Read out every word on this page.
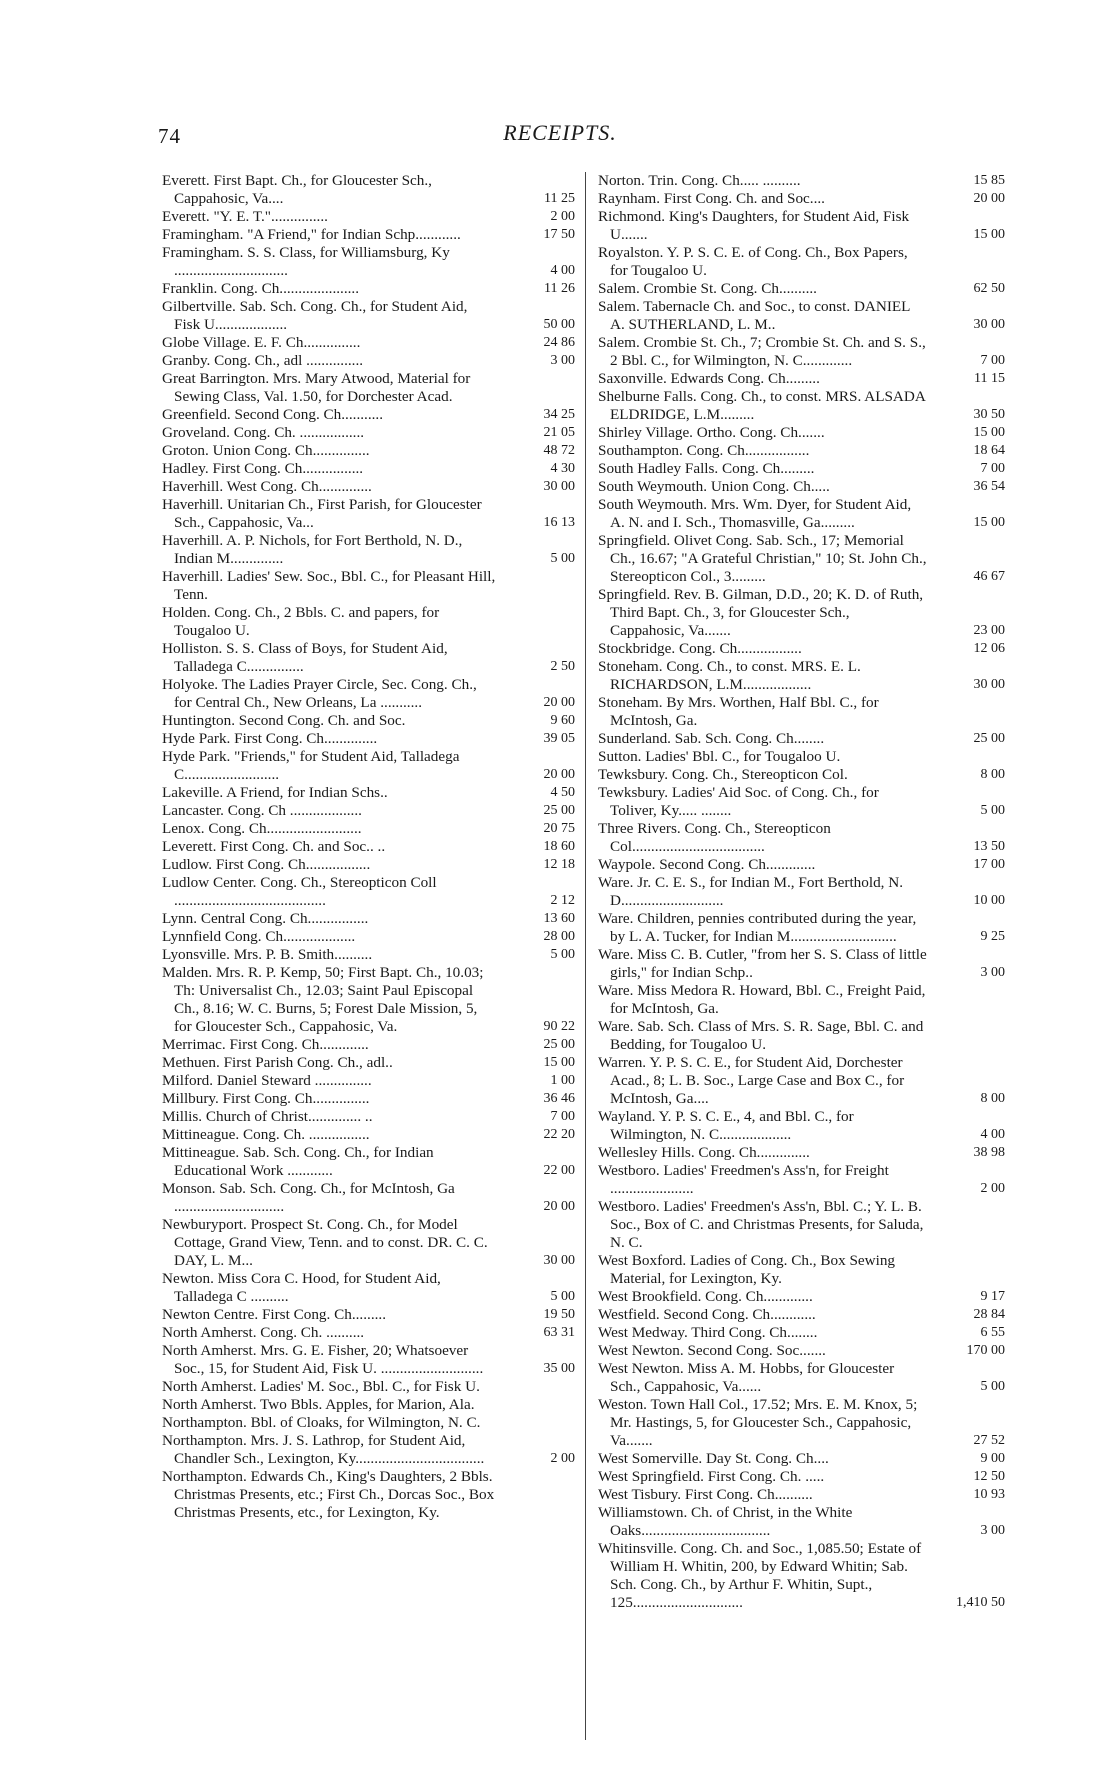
74	RECEIPTS.
Everett. First Bapt. Ch., for Gloucester Sch., Cappahosic, Va....	11 25
Everett. "Y. E. T."...............	2 00
Framingham. "A Friend," for Indian Schp............	17 50
Framingham. S. S. Class, for Williamsburg, Ky ..............................	4 00
Franklin. Cong. Ch.....................	11 26
Gilbertville. Sab. Sch. Cong. Ch., for Student Aid, Fisk U...................	50 00
Globe Village. E. F. Ch...............	24 86
Granby. Cong. Ch., adl ...............	3 00
Great Barrington. Mrs. Mary Atwood, Material for Sewing Class, Val. 1.50, for Dorchester Acad.
Greenfield. Second Cong. Ch...........	34 25
Groveland. Cong. Ch. .................	21 05
Groton. Union Cong. Ch...............	48 72
Hadley. First Cong. Ch................	4 30
Haverhill. West Cong. Ch..............	30 00
Haverhill. Unitarian Ch., First Parish, for Gloucester Sch., Cappahosic, Va...	16 13
Haverhill. A. P. Nichols, for Fort Berthold, N. D., Indian M..............	5 00
Haverhill. Ladies' Sew. Soc., Bbl. C., for Pleasant Hill, Tenn.
Holden. Cong. Ch., 2 Bbls. C. and papers, for Tougaloo U.
Holliston. S. S. Class of Boys, for Student Aid, Talladega C...............	2 50
Holyoke. The Ladies Prayer Circle, Sec. Cong. Ch., for Central Ch., New Orleans, La ...........	20 00
Huntington. Second Cong. Ch. and Soc.	9 60
Hyde Park. First Cong. Ch..............	39 05
Hyde Park. "Friends," for Student Aid, Talladega C.........................	20 00
Lakeville. A Friend, for Indian Schs..	4 50
Lancaster. Cong. Ch ...................	25 00
Lenox. Cong. Ch.........................	20 75
Leverett. First Cong. Ch. and Soc.. ..	18 60
Ludlow. First Cong. Ch.................	12 18
Ludlow Center. Cong. Ch., Stereopticon Coll ........................................	2 12
Lynn. Central Cong. Ch................	13 60
Lynnfield Cong. Ch...................	28 00
Lyonsville. Mrs. P. B. Smith..........	5 00
Malden. Mrs. R. P. Kemp, 50; First Bapt. Ch., 10.03; Th: Universalist Ch., 12.03; Saint Paul Episcopal Ch., 8.16; W. C. Burns, 5; Forest Dale Mission, 5, for Gloucester Sch., Cappahosic, Va.	90 22
Merrimac. First Cong. Ch.............	25 00
Methuen. First Parish Cong. Ch., adl..	15 00
Milford. Daniel Steward ...............	1 00
Millbury. First Cong. Ch...............	36 46
Millis. Church of Christ.............. ..	7 00
Mittineague. Cong. Ch. ................	22 20
Mittineague. Sab. Sch. Cong. Ch., for Indian Educational Work ............	22 00
Monson. Sab. Sch. Cong. Ch., for McIntosh, Ga .............................	20 00
Newburyport. Prospect St. Cong. Ch., for Model Cottage, Grand View, Tenn. and to const. DR. C. C. DAY, L. M...	30 00
Newton. Miss Cora C. Hood, for Student Aid, Talladega C ..........	5 00
Newton Centre. First Cong. Ch.........	19 50
North Amherst. Cong. Ch. ..........	63 31
North Amherst. Mrs. G. E. Fisher, 20; Whatsoever Soc., 15, for Student Aid, Fisk U. ...........................	35 00
North Amherst. Ladies' M. Soc., Bbl. C., for Fisk U.
North Amherst. Two Bbls. Apples, for Marion, Ala.
Northampton. Bbl. of Cloaks, for Wilmington, N. C.
Northampton. Mrs. J. S. Lathrop, for Student Aid, Chandler Sch., Lexington, Ky..................................	2 00
Northampton. Edwards Ch., King's Daughters, 2 Bbls. Christmas Presents, etc.; First Ch., Dorcas Soc., Box Christmas Presents, etc., for Lexington, Ky.
Norton. Trin. Cong. Ch..... ..........	15 85
Raynham. First Cong. Ch. and Soc....	20 00
Richmond. King's Daughters, for Student Aid, Fisk U.......	15 00
Royalston. Y. P. S. C. E. of Cong. Ch., Box Papers, for Tougaloo U.
Salem. Crombie St. Cong. Ch..........	62 50
Salem. Tabernacle Ch. and Soc., to const. DANIEL A. SUTHERLAND, L. M..	30 00
Salem. Crombie St. Ch., 7; Crombie St. Ch. and S. S., 2 Bbl. C., for Wilmington, N. C.............	7 00
Saxonville. Edwards Cong. Ch.........	11 15
Shelburne Falls. Cong. Ch., to const. MRS. ALSADA ELDRIDGE, L.M.........	30 50
Shirley Village. Ortho. Cong. Ch.......	15 00
Southampton. Cong. Ch.................	18 64
South Hadley Falls. Cong. Ch.........	7 00
South Weymouth. Union Cong. Ch.....	36 54
South Weymouth. Mrs. Wm. Dyer, for Student Aid, A. N. and I. Sch., Thomasville, Ga.........	15 00
Springfield. Olivet Cong. Sab. Sch., 17; Memorial Ch., 16.67; "A Grateful Christian," 10; St. John Ch., Stereopticon Col., 3.........	46 67
Springfield. Rev. B. Gilman, D.D., 20; K. D. of Ruth, Third Bapt. Ch., 3, for Gloucester Sch., Cappahosic, Va.......	23 00
Stockbridge. Cong. Ch.................	12 06
Stoneham. Cong. Ch., to const. MRS. E. L. RICHARDSON, L.M..................	30 00
Stoneham. By Mrs. Worthen, Half Bbl. C., for McIntosh, Ga.
Sunderland. Sab. Sch. Cong. Ch........	25 00
Sutton. Ladies' Bbl. C., for Tougaloo U.
Tewksbury. Cong. Ch., Stereopticon Col.	8 00
Tewksbury. Ladies' Aid Soc. of Cong. Ch., for Toliver, Ky..... ........	5 00
Three Rivers. Cong. Ch., Stereopticon Col...................................	13 50
Waypole. Second Cong. Ch.............	17 00
Ware. Jr. C. E. S., for Indian M., Fort Berthold, N. D...........................	10 00
Ware. Children, pennies contributed during the year, by L. A. Tucker, for Indian M............................	9 25
Ware. Miss C. B. Cutler, "from her S. S. Class of little girls," for Indian Schp..	3 00
Ware. Miss Medora R. Howard, Bbl. C., Freight Paid, for McIntosh, Ga.
Ware. Sab. Sch. Class of Mrs. S. R. Sage, Bbl. C. and Bedding, for Tougaloo U.
Warren. Y. P. S. C. E., for Student Aid, Dorchester Acad., 8; L. B. Soc., Large Case and Box C., for McIntosh, Ga....	8 00
Wayland. Y. P. S. C. E., 4, and Bbl. C., for Wilmington, N. C...................	4 00
Wellesley Hills. Cong. Ch..............	38 98
Westboro. Ladies' Freedmen's Ass'n, for Freight ......................	2 00
Westboro. Ladies' Freedmen's Ass'n, Bbl. C.; Y. L. B. Soc., Box of C. and Christmas Presents, for Saluda, N. C.
West Boxford. Ladies of Cong. Ch., Box Sewing Material, for Lexington, Ky.
West Brookfield. Cong. Ch.............	9 17
Westfield. Second Cong. Ch............	28 84
West Medway. Third Cong. Ch........	6 55
West Newton. Second Cong. Soc.......	170 00
West Newton. Miss A. M. Hobbs, for Gloucester Sch., Cappahosic, Va......	5 00
Weston. Town Hall Col., 17.52; Mrs. E. M. Knox, 5; Mr. Hastings, 5, for Gloucester Sch., Cappahosic, Va.......	27 52
West Somerville. Day St. Cong. Ch....	9 00
West Springfield. First Cong. Ch. .....	12 50
West Tisbury. First Cong. Ch..........	10 93
Williamstown. Ch. of Christ, in the White Oaks..................................	3 00
Whitinsville. Cong. Ch. and Soc., 1,085.50; Estate of William H. Whitin, 200, by Edward Whitin; Sab. Sch. Cong. Ch., by Arthur F. Whitin, Supt., 125.............................	1,410 50
